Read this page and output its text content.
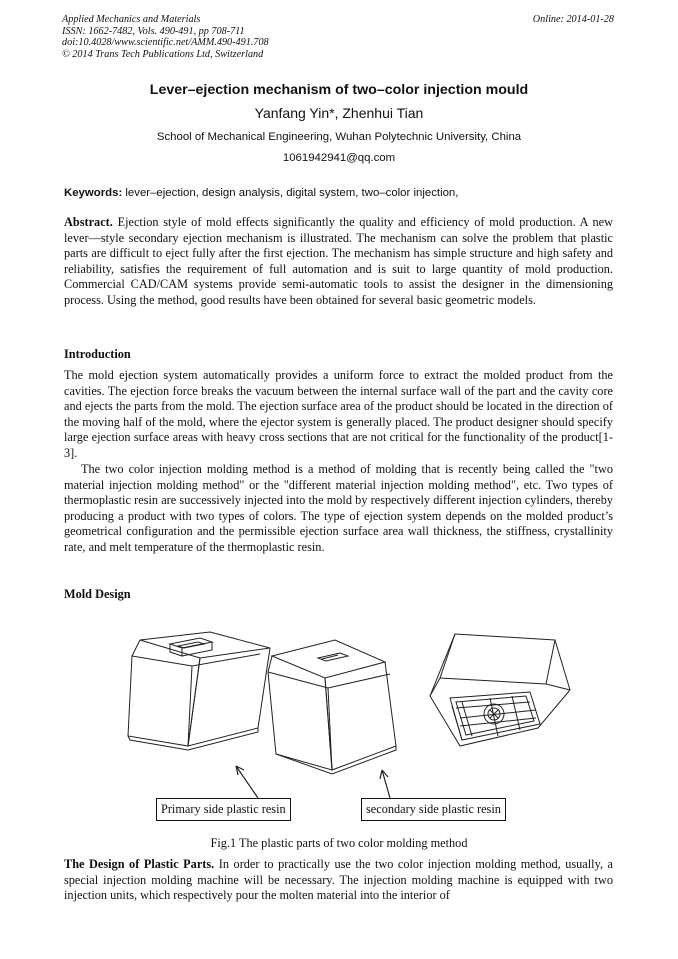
Applied Mechanics and Materials
ISSN: 1662-7482, Vols. 490-491, pp 708-711
doi:10.4028/www.scientific.net/AMM.490-491.708
© 2014 Trans Tech Publications Ltd, Switzerland
Online: 2014-01-28
Lever–ejection mechanism of two–color injection mould
Yanfang Yin*, Zhenhui Tian
School of Mechanical Engineering, Wuhan Polytechnic University, China
1061942941@qq.com
Keywords: lever–ejection, design analysis, digital system, two–color injection,
Abstract. Ejection style of mold effects significantly the quality and efficiency of mold production. A new lever—style secondary ejection mechanism is illustrated. The mechanism can solve the problem that plastic parts are difficult to eject fully after the first ejection. The mechanism has simple structure and high safety and reliability, satisfies the requirement of full automation and is suit to large quantity of mold production. Commercial CAD/CAM systems provide semi-automatic tools to assist the designer in the dimensioning process. Using the method, good results have been obtained for several basic geometric models.
Introduction
The mold ejection system automatically provides a uniform force to extract the molded product from the cavities. The ejection force breaks the vacuum between the internal surface wall of the part and the cavity core and ejects the parts from the mold. The ejection surface area of the product should be located in the direction of the moving half of the mold, where the ejector system is generally placed. The product designer should specify large ejection surface areas with heavy cross sections that are not critical for the functionality of the product[1-3].
The two color injection molding method is a method of molding that is recently being called the "two material injection molding method" or the "different material injection molding method", etc. Two types of thermoplastic resin are successively injected into the mold by respectively different injection cylinders, thereby producing a product with two types of colors. The type of ejection system depends on the molded product’s geometrical configuration and the permissible ejection surface area wall thickness, the stiffness, crystallinity rate, and melt temperature of the thermoplastic resin.
Mold Design
Primary side plastic resin	secondary side plastic resin
Fig.1 The plastic parts of two color molding method
The Design of Plastic Parts. In order to practically use the two color injection molding method, usually, a special injection molding machine will be necessary. The injection molding machine is equipped with two injection units, which respectively pour the molten material into the interior of
